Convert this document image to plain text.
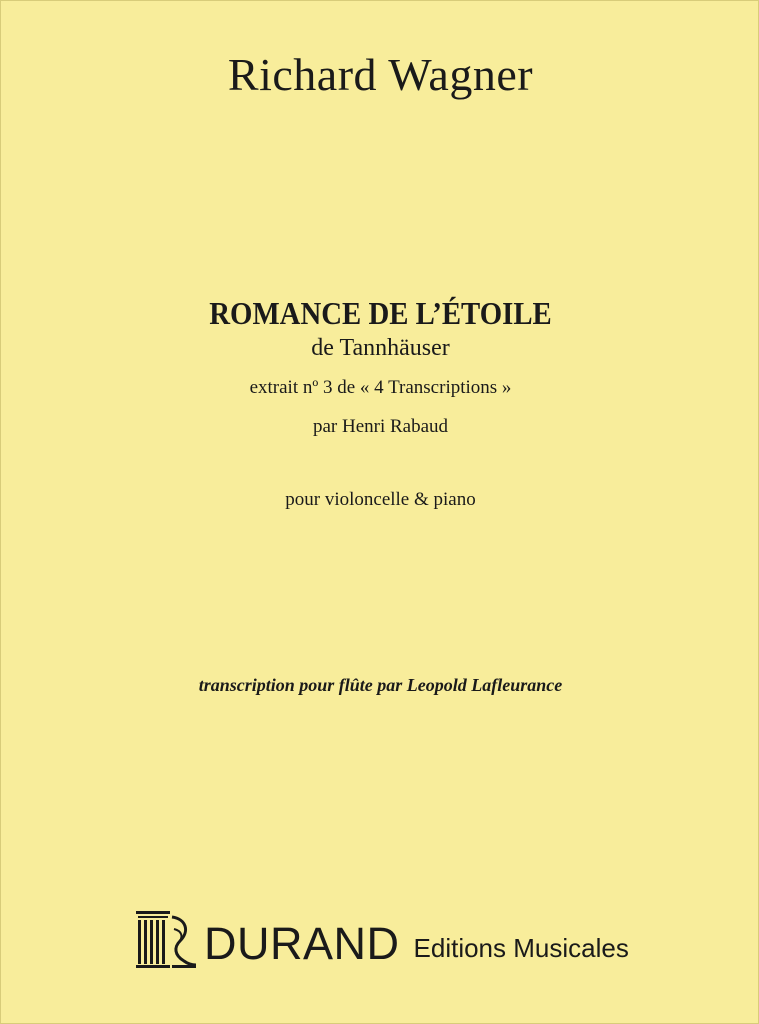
Richard Wagner
ROMANCE DE L’ÉTOILE
de Tannhäuser
extrait nº 3 de « 4 Transcriptions »
par Henri Rabaud
pour violoncelle & piano
transcription pour flûte par Leopold Lafleurance
DURAND Editions Musicales
